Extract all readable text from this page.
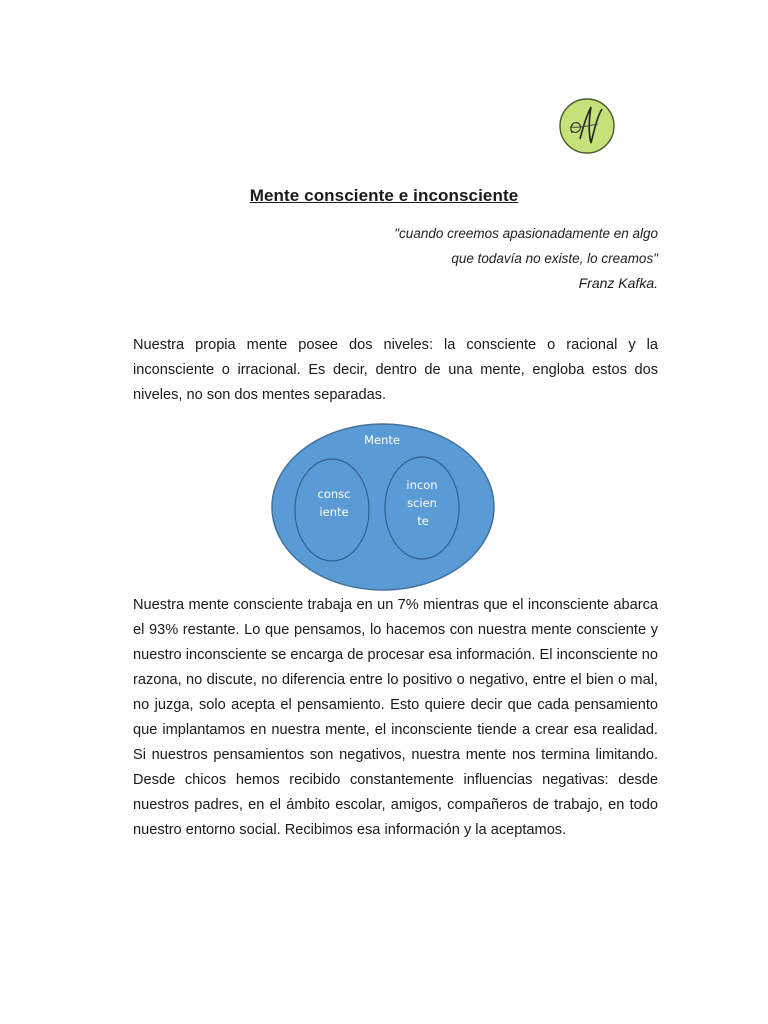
Mente consciente e inconsciente
"cuando creemos apasionadamente en algo
que todavía no existe, lo creamos"
Franz Kafka.

Nuestra propia mente posee dos niveles: la consciente o racional y la inconsciente o irracional. Es decir, dentro de una mente, engloba estos dos niveles, no son dos mentes separadas.

Mente
consc
iente
incon
scien
te

Nuestra mente consciente trabaja en un 7% mientras que el inconsciente abarca el 93% restante. Lo que pensamos, lo hacemos con nuestra mente consciente y nuestro inconsciente se encarga de procesar esa información. El inconsciente no razona, no discute, no diferencia entre lo positivo o negativo, entre el bien o mal, no juzga, solo acepta el pensamiento. Esto quiere decir que cada pensamiento que implantamos en nuestra mente, el inconsciente tiende a crear esa realidad. Si nuestros pensamientos son negativos, nuestra mente nos termina limitando. Desde chicos hemos recibido constantemente influencias negativas: desde nuestros padres, en el ámbito escolar, amigos, compañeros de trabajo, en todo nuestro entorno social. Recibimos esa información y la aceptamos.
